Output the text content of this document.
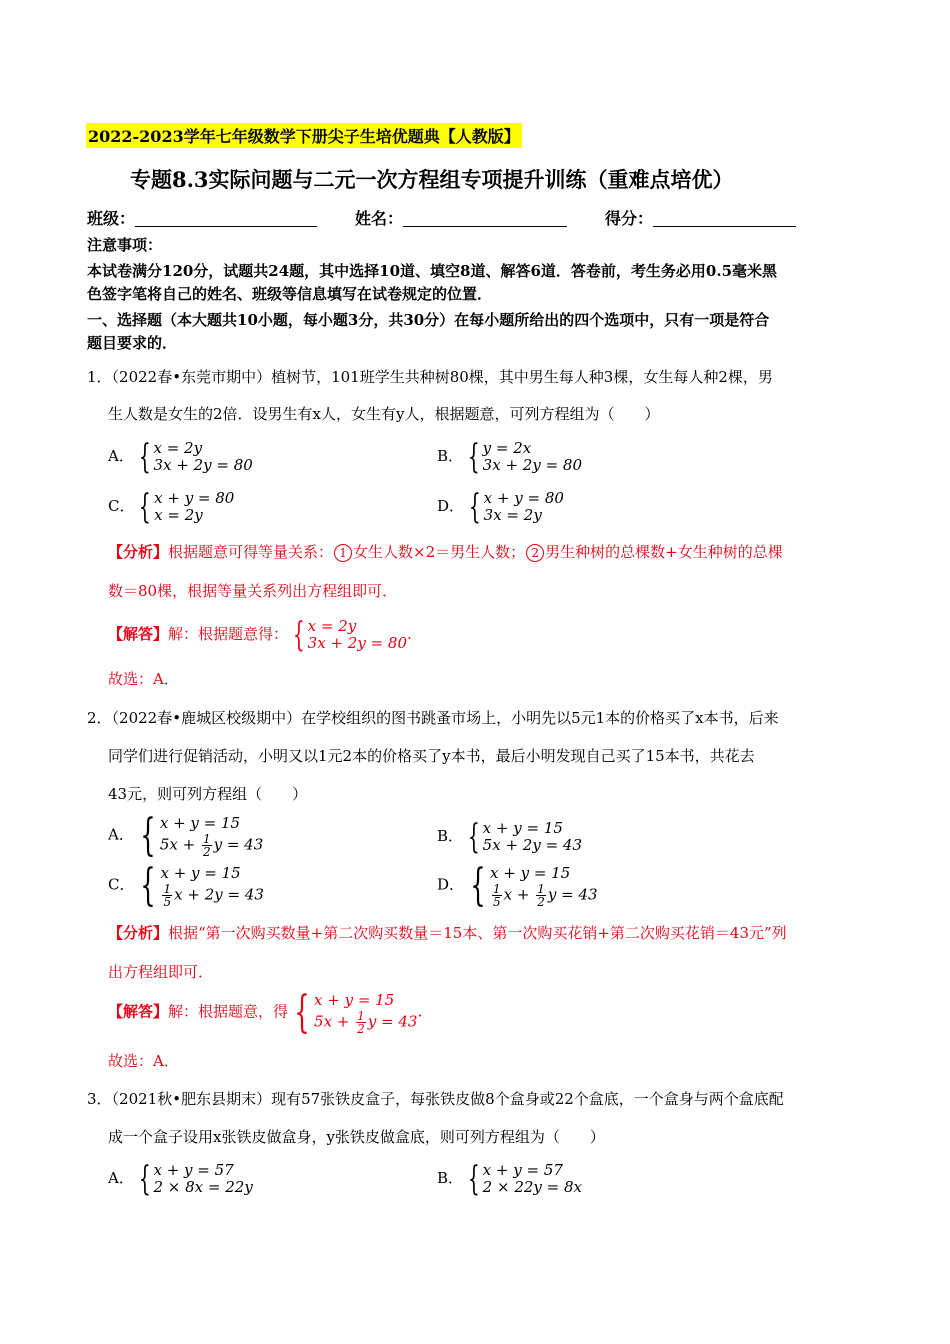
2022-2023学年七年级数学下册尖子生培优题典【人教版】
专题8.3实际问题与二元一次方程组专项提升训练（重难点培优）
班级：	姓名：	得分：
注意事项：
本试卷满分120分，试题共24题，其中选择10道、填空8道、解答6道．答卷前，考生务必用0.5毫米黑
色签字笔将自己的姓名、班级等信息填写在试卷规定的位置．
一、选择题（本大题共10小题，每小题3分，共30分）在每小题所给出的四个选项中，只有一项是符合
题目要求的．
1．（2022春•东莞市期中）植树节，101班学生共种树80棵，其中男生每人种3棵，女生每人种2棵，男
生人数是女生的2倍．设男生有x人，女生有y人，根据题意，可列方程组为（　　）
A． { x = 2y
3x + 2y = 80	B． { y = 2x
3x + 2y = 80
C． { x + y = 80
x = 2y	D． { x + y = 80
3x = 2y
【分析】根据题意可得等量关系： 1 女生人数×2＝男生人数； 2 男生种树的总棵数+女生种树的总棵
数＝80棵，根据等量关系列出方程组即可．
【解答】解：根据题意得： { x = 2y
3x + 2y = 80 .
故选：A．
2．（2022春•鹿城区校级期中）在学校组织的图书跳蚤市场上，小明先以5元1本的价格买了x本书，后来
同学们进行促销活动，小明又以1元2本的价格买了y本书，最后小明发现自己买了15本书，共花去
43元，则可列方程组（　　）
A． { x + y = 15
$5x + \frac{1}{2}$ y = 43	B． { x + y = 15
5x + 2y = 43
C． { x + y = 15
$\frac{1}{5}$ x + 2y = 43
D． { x + y = 15
$\frac{1}{5}$ $x + \frac{1}{2}$ y = 43
【分析】根据“第一次购买数量+第二次购买数量＝15本、第一次购买花销+第二次购买花销＝43元”列
出方程组即可．
【解答】解：根据题意，得 { x + y = 15
$5x + \frac{1}{2}$ y = 43
.
故选：A．
3．（2021秋•肥东县期末）现有57张铁皮盒子，每张铁皮做8个盒身或22个盒底，一个盒身与两个盒底配
成一个盒子设用x张铁皮做盒身，y张铁皮做盒底，则可列方程组为（　　）
A． { x + y = 57
2 × 8x = 22y	B． { x + y = 57
2 × 22y = 8x
